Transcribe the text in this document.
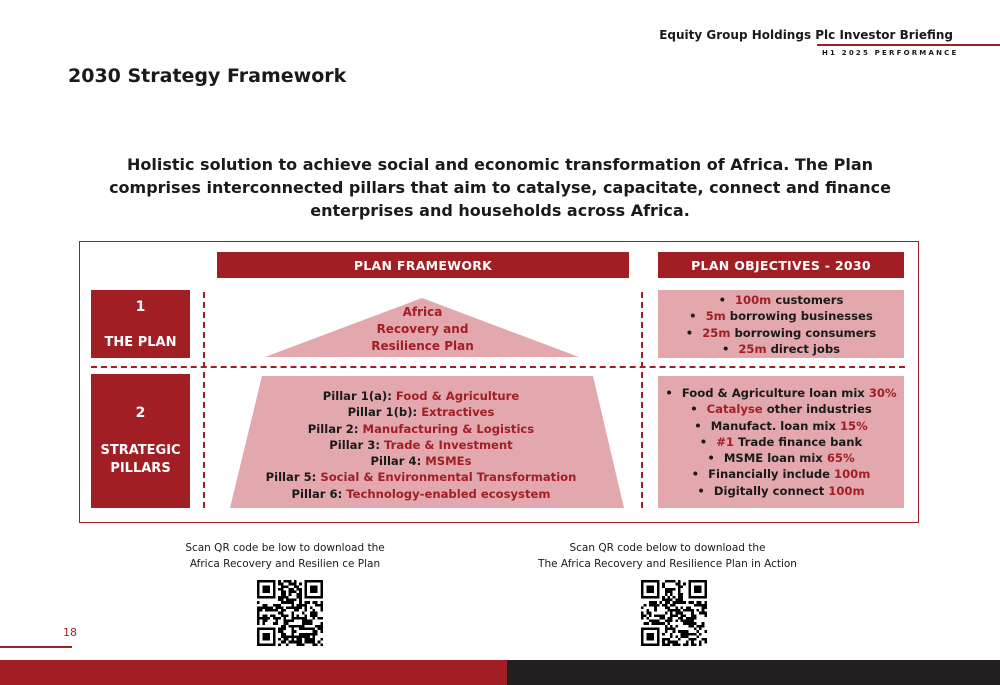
Equity Group Holdings Plc Investor Briefing
H1 2025 PERFORMANCE
2030 Strategy Framework
Holistic solution to achieve social and economic transformation of Africa. The Plan comprises interconnected pillars that aim to catalyse, capacitate, connect and finance enterprises and households across Africa.
PLAN FRAMEWORK	PLAN OBJECTIVES - 2030
1
THE PLAN
2
STRATEGIC PILLARS
Africa
Recovery and
Resilience Plan
Pillar 1(a): Food & Agriculture
Pillar 1(b): Extractives
Pillar 2: Manufacturing & Logistics
Pillar 3: Trade & Investment
Pillar 4: MSMEs
Pillar 5: Social & Environmental Transformation
Pillar 6: Technology-enabled ecosystem
• 100m customers
• 5m borrowing businesses
• 25m borrowing consumers
• 25m direct jobs
• Food & Agriculture loan mix 30%
• Catalyse other industries
• Manufact. loan mix 15%
• #1 Trade finance bank
• MSME loan mix 65%
• Financially include 100m
• Digitally connect 100m
Scan QR code be low to download the
Africa Recovery and Resilien ce Plan
Scan QR code below to download the
The Africa Recovery and Resilience Plan in Action
18
